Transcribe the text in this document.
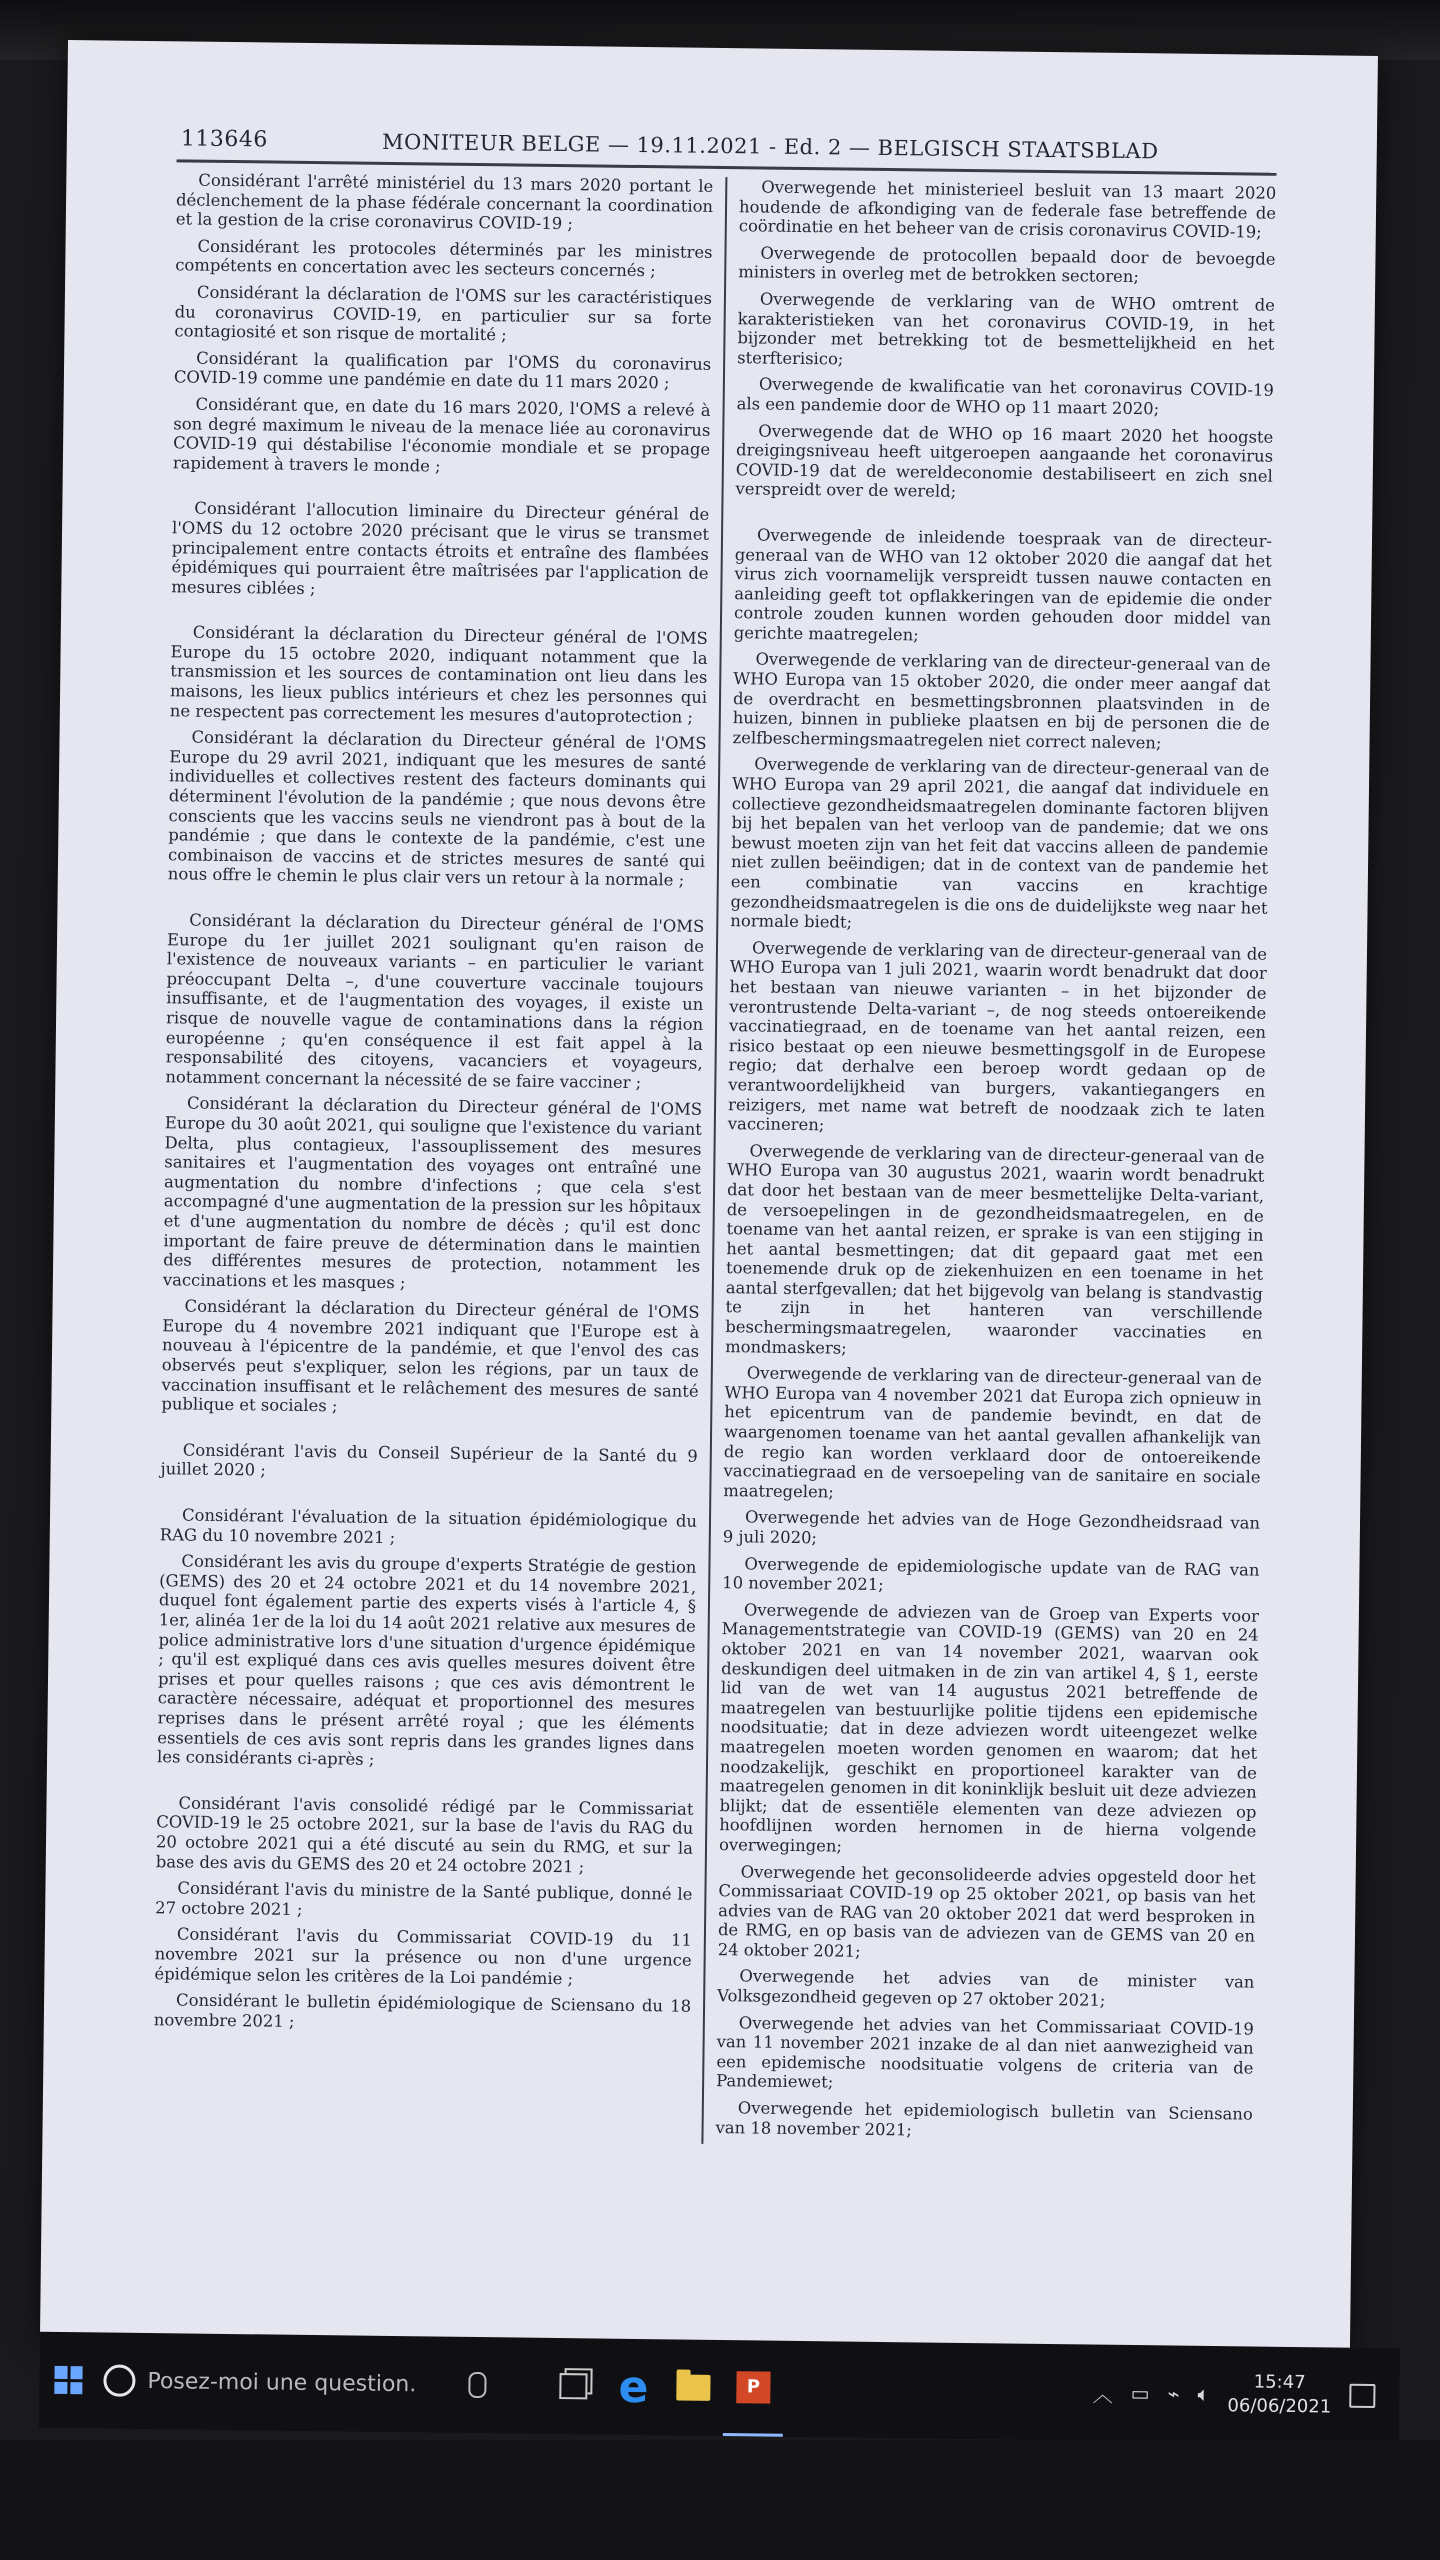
113646	MONITEUR BELGE — 19.11.2021 - Ed. 2 — BELGISCH STAATSBLAD

Considérant l'arrêté ministériel du 13 mars 2020 portant le déclenchement de la phase fédérale concernant la coordination et la gestion de la crise coronavirus COVID-19 ;

Considérant les protocoles déterminés par les ministres compétents en concertation avec les secteurs concernés ;

Considérant la déclaration de l'OMS sur les caractéristiques du coronavirus COVID-19, en particulier sur sa forte contagiosité et son risque de mortalité ;

Considérant la qualification par l'OMS du coronavirus COVID-19 comme une pandémie en date du 11 mars 2020 ;

Considérant que, en date du 16 mars 2020, l'OMS a relevé à son degré maximum le niveau de la menace liée au coronavirus COVID-19 qui déstabilise l'économie mondiale et se propage rapidement à travers le monde ;

Considérant l'allocution liminaire du Directeur général de l'OMS du 12 octobre 2020 précisant que le virus se transmet principalement entre contacts étroits et entraîne des flambées épidémiques qui pourraient être maîtrisées par l'application de mesures ciblées ;

Considérant la déclaration du Directeur général de l'OMS Europe du 15 octobre 2020, indiquant notamment que la transmission et les sources de contamination ont lieu dans les maisons, les lieux publics intérieurs et chez les personnes qui ne respectent pas correctement les mesures d'autoprotection ;

Considérant la déclaration du Directeur général de l'OMS Europe du 29 avril 2021, indiquant que les mesures de santé individuelles et collectives restent des facteurs dominants qui déterminent l'évolution de la pandémie ; que nous devons être conscients que les vaccins seuls ne viendront pas à bout de la pandémie ; que dans le contexte de la pandémie, c'est une combinaison de vaccins et de strictes mesures de santé qui nous offre le chemin le plus clair vers un retour à la normale ;

Considérant la déclaration du Directeur général de l'OMS Europe du 1er juillet 2021 soulignant qu'en raison de l'existence de nouveaux variants – en particulier le variant préoccupant Delta –, d'une couverture vaccinale toujours insuffisante, et de l'augmentation des voyages, il existe un risque de nouvelle vague de contaminations dans la région européenne ; qu'en conséquence il est fait appel à la responsabilité des citoyens, vacanciers et voyageurs, notamment concernant la nécessité de se faire vacciner ;

Considérant la déclaration du Directeur général de l'OMS Europe du 30 août 2021, qui souligne que l'existence du variant Delta, plus contagieux, l'assouplissement des mesures sanitaires et l'augmentation des voyages ont entraîné une augmentation du nombre d'infections ; que cela s'est accompagné d'une augmentation de la pression sur les hôpitaux et d'une augmentation du nombre de décès ; qu'il est donc important de faire preuve de détermination dans le maintien des différentes mesures de protection, notamment les vaccinations et les masques ;

Considérant la déclaration du Directeur général de l'OMS Europe du 4 novembre 2021 indiquant que l'Europe est à nouveau à l'épicentre de la pandémie, et que l'envol des cas observés peut s'expliquer, selon les régions, par un taux de vaccination insuffisant et le relâchement des mesures de santé publique et sociales ;

Considérant l'avis du Conseil Supérieur de la Santé du 9 juillet 2020 ;

Considérant l'évaluation de la situation épidémiologique du RAG du 10 novembre 2021 ;

Considérant les avis du groupe d'experts Stratégie de gestion (GEMS) des 20 et 24 octobre 2021 et du 14 novembre 2021, duquel font également partie des experts visés à l'article 4, § 1er, alinéa 1er de la loi du 14 août 2021 relative aux mesures de police administrative lors d'une situation d'urgence épidémique ; qu'il est expliqué dans ces avis quelles mesures doivent être prises et pour quelles raisons ; que ces avis démontrent le caractère nécessaire, adéquat et proportionnel des mesures reprises dans le présent arrêté royal ; que les éléments essentiels de ces avis sont repris dans les grandes lignes dans les considérants ci-après ;

Considérant l'avis consolidé rédigé par le Commissariat COVID-19 le 25 octobre 2021, sur la base de l'avis du RAG du 20 octobre 2021 qui a été discuté au sein du RMG, et sur la base des avis du GEMS des 20 et 24 octobre 2021 ;

Considérant l'avis du ministre de la Santé publique, donné le 27 octobre 2021 ;

Considérant l'avis du Commissariat COVID-19 du 11 novembre 2021 sur la présence ou non d'une urgence épidémique selon les critères de la Loi pandémie ;

Considérant le bulletin épidémiologique de Sciensano du 18 novembre 2021 ;

Overwegende het ministerieel besluit van 13 maart 2020 houdende de afkondiging van de federale fase betreffende de coördinatie en het beheer van de crisis coronavirus COVID-19;

Overwegende de protocollen bepaald door de bevoegde ministers in overleg met de betrokken sectoren;

Overwegende de verklaring van de WHO omtrent de karakteristieken van het coronavirus COVID-19, in het bijzonder met betrekking tot de besmettelijkheid en het sterfterisico;

Overwegende de kwalificatie van het coronavirus COVID-19 als een pandemie door de WHO op 11 maart 2020;

Overwegende dat de WHO op 16 maart 2020 het hoogste dreigingsniveau heeft uitgeroepen aangaande het coronavirus COVID-19 dat de wereldeconomie destabiliseert en zich snel verspreidt over de wereld;

Overwegende de inleidende toespraak van de directeur-generaal van de WHO van 12 oktober 2020 die aangaf dat het virus zich voornamelijk verspreidt tussen nauwe contacten en aanleiding geeft tot opflakkeringen van de epidemie die onder controle zouden kunnen worden gehouden door middel van gerichte maatregelen;

Overwegende de verklaring van de directeur-generaal van de WHO Europa van 15 oktober 2020, die onder meer aangaf dat de overdracht en besmettingsbronnen plaatsvinden in de huizen, binnen in publieke plaatsen en bij de personen die de zelfbeschermingsmaatregelen niet correct naleven;

Overwegende de verklaring van de directeur-generaal van de WHO Europa van 29 april 2021, die aangaf dat individuele en collectieve gezondheidsmaatregelen dominante factoren blijven bij het bepalen van het verloop van de pandemie; dat we ons bewust moeten zijn van het feit dat vaccins alleen de pandemie niet zullen beëindigen; dat in de context van de pandemie het een combinatie van vaccins en krachtige gezondheidsmaatregelen is die ons de duidelijkste weg naar het normale biedt;

Overwegende de verklaring van de directeur-generaal van de WHO Europa van 1 juli 2021, waarin wordt benadrukt dat door het bestaan van nieuwe varianten – in het bijzonder de verontrustende Delta-variant –, de nog steeds ontoereikende vaccinatiegraad, en de toename van het aantal reizen, een risico bestaat op een nieuwe besmettingsgolf in de Europese regio; dat derhalve een beroep wordt gedaan op de verantwoordelijkheid van burgers, vakantiegangers en reizigers, met name wat betreft de noodzaak zich te laten vaccineren;

Overwegende de verklaring van de directeur-generaal van de WHO Europa van 30 augustus 2021, waarin wordt benadrukt dat door het bestaan van de meer besmettelijke Delta-variant, de versoepelingen in de gezondheidsmaatregelen, en de toename van het aantal reizen, er sprake is van een stijging in het aantal besmettingen; dat dit gepaard gaat met een toenemende druk op de ziekenhuizen en een toename in het aantal sterfgevallen; dat het bijgevolg van belang is standvastig te zijn in het hanteren van verschillende beschermingsmaatregelen, waaronder vaccinaties en mondmaskers;

Overwegende de verklaring van de directeur-generaal van de WHO Europa van 4 november 2021 dat Europa zich opnieuw in het epicentrum van de pandemie bevindt, en dat de waargenomen toename van het aantal gevallen afhankelijk van de regio kan worden verklaard door de ontoereikende vaccinatiegraad en de versoepeling van de sanitaire en sociale maatregelen;

Overwegende het advies van de Hoge Gezondheidsraad van 9 juli 2020;

Overwegende de epidemiologische update van de RAG van 10 november 2021;

Overwegende de adviezen van de Groep van Experts voor Managementstrategie van COVID-19 (GEMS) van 20 en 24 oktober 2021 en van 14 november 2021, waarvan ook deskundigen deel uitmaken in de zin van artikel 4, § 1, eerste lid van de wet van 14 augustus 2021 betreffende de maatregelen van bestuurlijke politie tijdens een epidemische noodsituatie; dat in deze adviezen wordt uiteengezet welke maatregelen moeten worden genomen en waarom; dat het noodzakelijk, geschikt en proportioneel karakter van de maatregelen genomen in dit koninklijk besluit uit deze adviezen blijkt; dat de essentiële elementen van deze adviezen op hoofdlijnen worden hernomen in de hierna volgende overwegingen;

Overwegende het geconsolideerde advies opgesteld door het Commissariaat COVID-19 op 25 oktober 2021, op basis van het advies van de RAG van 20 oktober 2021 dat werd besproken in de RMG, en op basis van de adviezen van de GEMS van 20 en 24 oktober 2021;

Overwegende het advies van de minister van Volksgezondheid gegeven op 27 oktober 2021;

Overwegende het advies van het Commissariaat COVID-19 van 11 november 2021 inzake de al dan niet aanwezigheid van een epidemische noodsituatie volgens de criteria van de Pandemiewet;

Overwegende het epidemiologisch bulletin van Sciensano van 18 november 2021;

Posez-moi une question.	e	P	︿ ▭ ⌁ 🔈︎	15:47
06/06/2021
